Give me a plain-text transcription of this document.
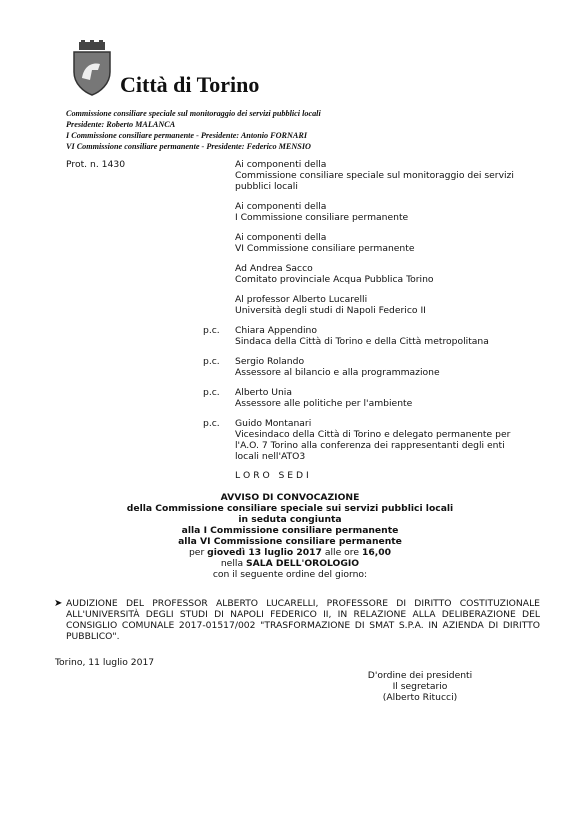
Città di Torino
Commissione consiliare speciale sul monitoraggio dei servizi pubblici locali
Presidente: Roberto MALANCA
I Commissione consiliare permanente - Presidente: Antonio FORNARI
VI Commissione consiliare permanente - Presidente: Federico MENSIO
Prot. n. 1430	Ai componenti della
Commissione consiliare speciale sul monitoraggio dei servizi
pubblici locali
Ai componenti della
I Commissione consiliare permanente
Ai componenti della
VI Commissione consiliare permanente
Ad Andrea Sacco
Comitato provinciale Acqua Pubblica Torino
Al professor Alberto Lucarelli
Università degli studi di Napoli Federico II
p.c. Chiara Appendino
Sindaca della Città di Torino e della Città metropolitana
p.c. Sergio Rolando
Assessore al bilancio e alla programmazione
p.c. Alberto Unia
Assessore alle politiche per l'ambiente
p.c. Guido Montanari
Vicesindaco della Città di Torino e delegato permanente per
l'A.O. 7 Torino alla conferenza dei rappresentanti degli enti
locali nell'ATO3
L O R O   S E D I
AVVISO DI CONVOCAZIONE
della Commissione consiliare speciale sui servizi pubblici locali
in seduta congiunta
alla I Commissione consiliare permanente
alla VI Commissione consiliare permanente
per giovedì 13 luglio 2017 alle ore 16,00
nella SALA DELL'OROLOGIO
con il seguente ordine del giorno:
➤ AUDIZIONE DEL PROFESSOR ALBERTO LUCARELLI, PROFESSORE DI DIRITTO COSTITUZIONALE ALL'UNIVERSITÀ DEGLI STUDI DI NAPOLI FEDERICO II, IN RELAZIONE ALLA DELIBERAZIONE DEL CONSIGLIO COMUNALE 2017-01517/002 "TRASFORMAZIONE DI SMAT S.P.A. IN AZIENDA DI DIRITTO PUBBLICO".
Torino, 11 luglio 2017
D'ordine dei presidenti
Il segretario
(Alberto Ritucci)
